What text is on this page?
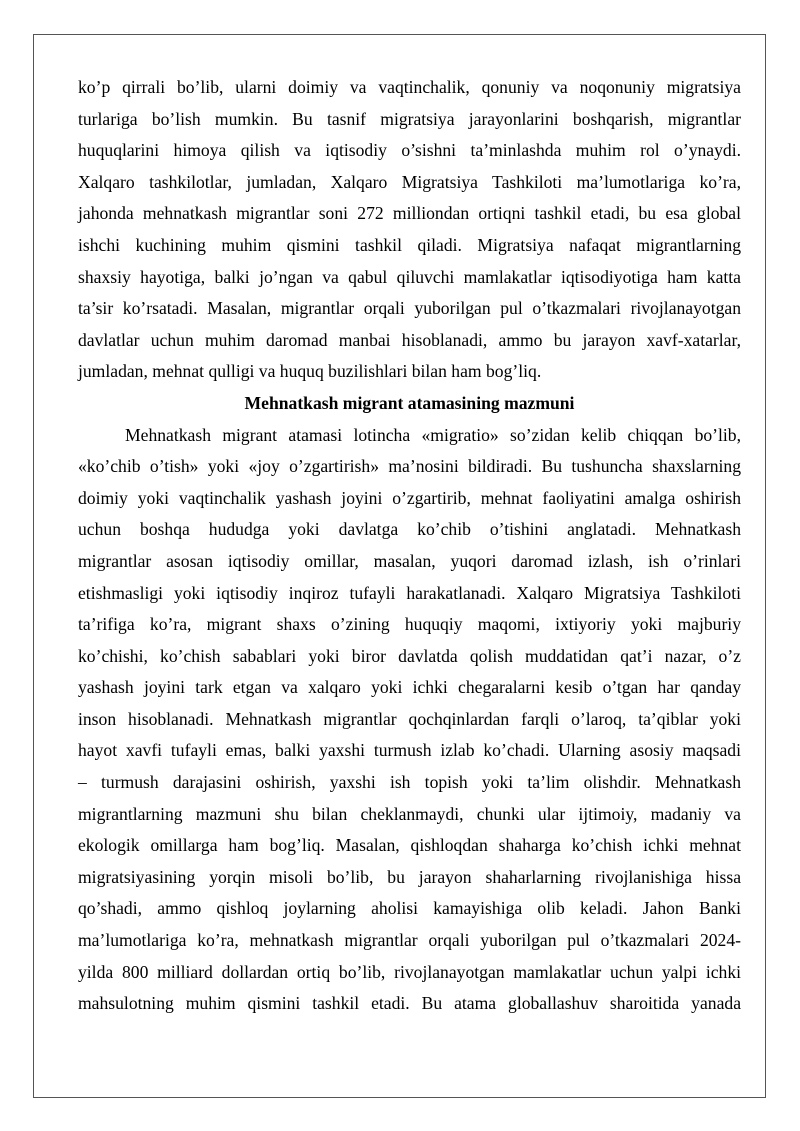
ko’p qirrali bo’lib, ularni doimiy va vaqtinchalik, qonuniy va noqonuniy migratsiya
turlariga bo’lish mumkin. Bu tasnif migratsiya jarayonlarini boshqarish, migrantlar
huquqlarini himoya qilish va iqtisodiy o’sishni ta’minlashda muhim rol o’ynaydi.
Xalqaro tashkilotlar, jumladan, Xalqaro Migratsiya Tashkiloti ma’lumotlariga ko’ra,
jahonda mehnatkash migrantlar soni 272 milliondan ortiqni tashkil etadi, bu esa global
ishchi kuchining muhim qismini tashkil qiladi. Migratsiya nafaqat migrantlarning
shaxsiy hayotiga, balki jo’ngan va qabul qiluvchi mamlakatlar iqtisodiyotiga ham katta
ta’sir ko’rsatadi. Masalan, migrantlar orqali yuborilgan pul o’tkazmalari rivojlanayotgan
davlatlar uchun muhim daromad manbai hisoblanadi, ammo bu jarayon xavf-xatarlar,
jumladan, mehnat qulligi va huquq buzilishlari bilan ham bog’liq.
Mehnatkash migrant atamasining mazmuni
Mehnatkash migrant atamasi lotincha «migratio» so’zidan kelib chiqqan bo’lib,
«ko’chib o’tish» yoki «joy o’zgartirish» ma’nosini bildiradi. Bu tushuncha shaxslarning
doimiy yoki vaqtinchalik yashash joyini o’zgartirib, mehnat faoliyatini amalga oshirish
uchun boshqa hududga yoki davlatga ko’chib o’tishini anglatadi. Mehnatkash
migrantlar asosan iqtisodiy omillar, masalan, yuqori daromad izlash, ish o’rinlari
etishmasligi yoki iqtisodiy inqiroz tufayli harakatlanadi. Xalqaro Migratsiya Tashkiloti
ta’rifiga ko’ra, migrant shaxs o’zining huquqiy maqomi, ixtiyoriy yoki majburiy
ko’chishi, ko’chish sabablari yoki biror davlatda qolish muddatidan qat’i nazar, o’z
yashash joyini tark etgan va xalqaro yoki ichki chegaralarni kesib o’tgan har qanday
inson hisoblanadi. Mehnatkash migrantlar qochqinlardan farqli o’laroq, ta’qiblar yoki
hayot xavfi tufayli emas, balki yaxshi turmush izlab ko’chadi. Ularning asosiy maqsadi
– turmush darajasini oshirish, yaxshi ish topish yoki ta’lim olishdir. Mehnatkash
migrantlarning mazmuni shu bilan cheklanmaydi, chunki ular ijtimoiy, madaniy va
ekologik omillarga ham bog’liq. Masalan, qishloqdan shaharga ko’chish ichki mehnat
migratsiyasining yorqin misoli bo’lib, bu jarayon shaharlarning rivojlanishiga hissa
qo’shadi, ammo qishloq joylarning aholisi kamayishiga olib keladi. Jahon Banki
ma’lumotlariga ko’ra, mehnatkash migrantlar orqali yuborilgan pul o’tkazmalari 2024-
yilda 800 milliard dollardan ortiq bo’lib, rivojlanayotgan mamlakatlar uchun yalpi ichki
mahsulotning muhim qismini tashkil etadi. Bu atama globallashuv sharoitida yanada
